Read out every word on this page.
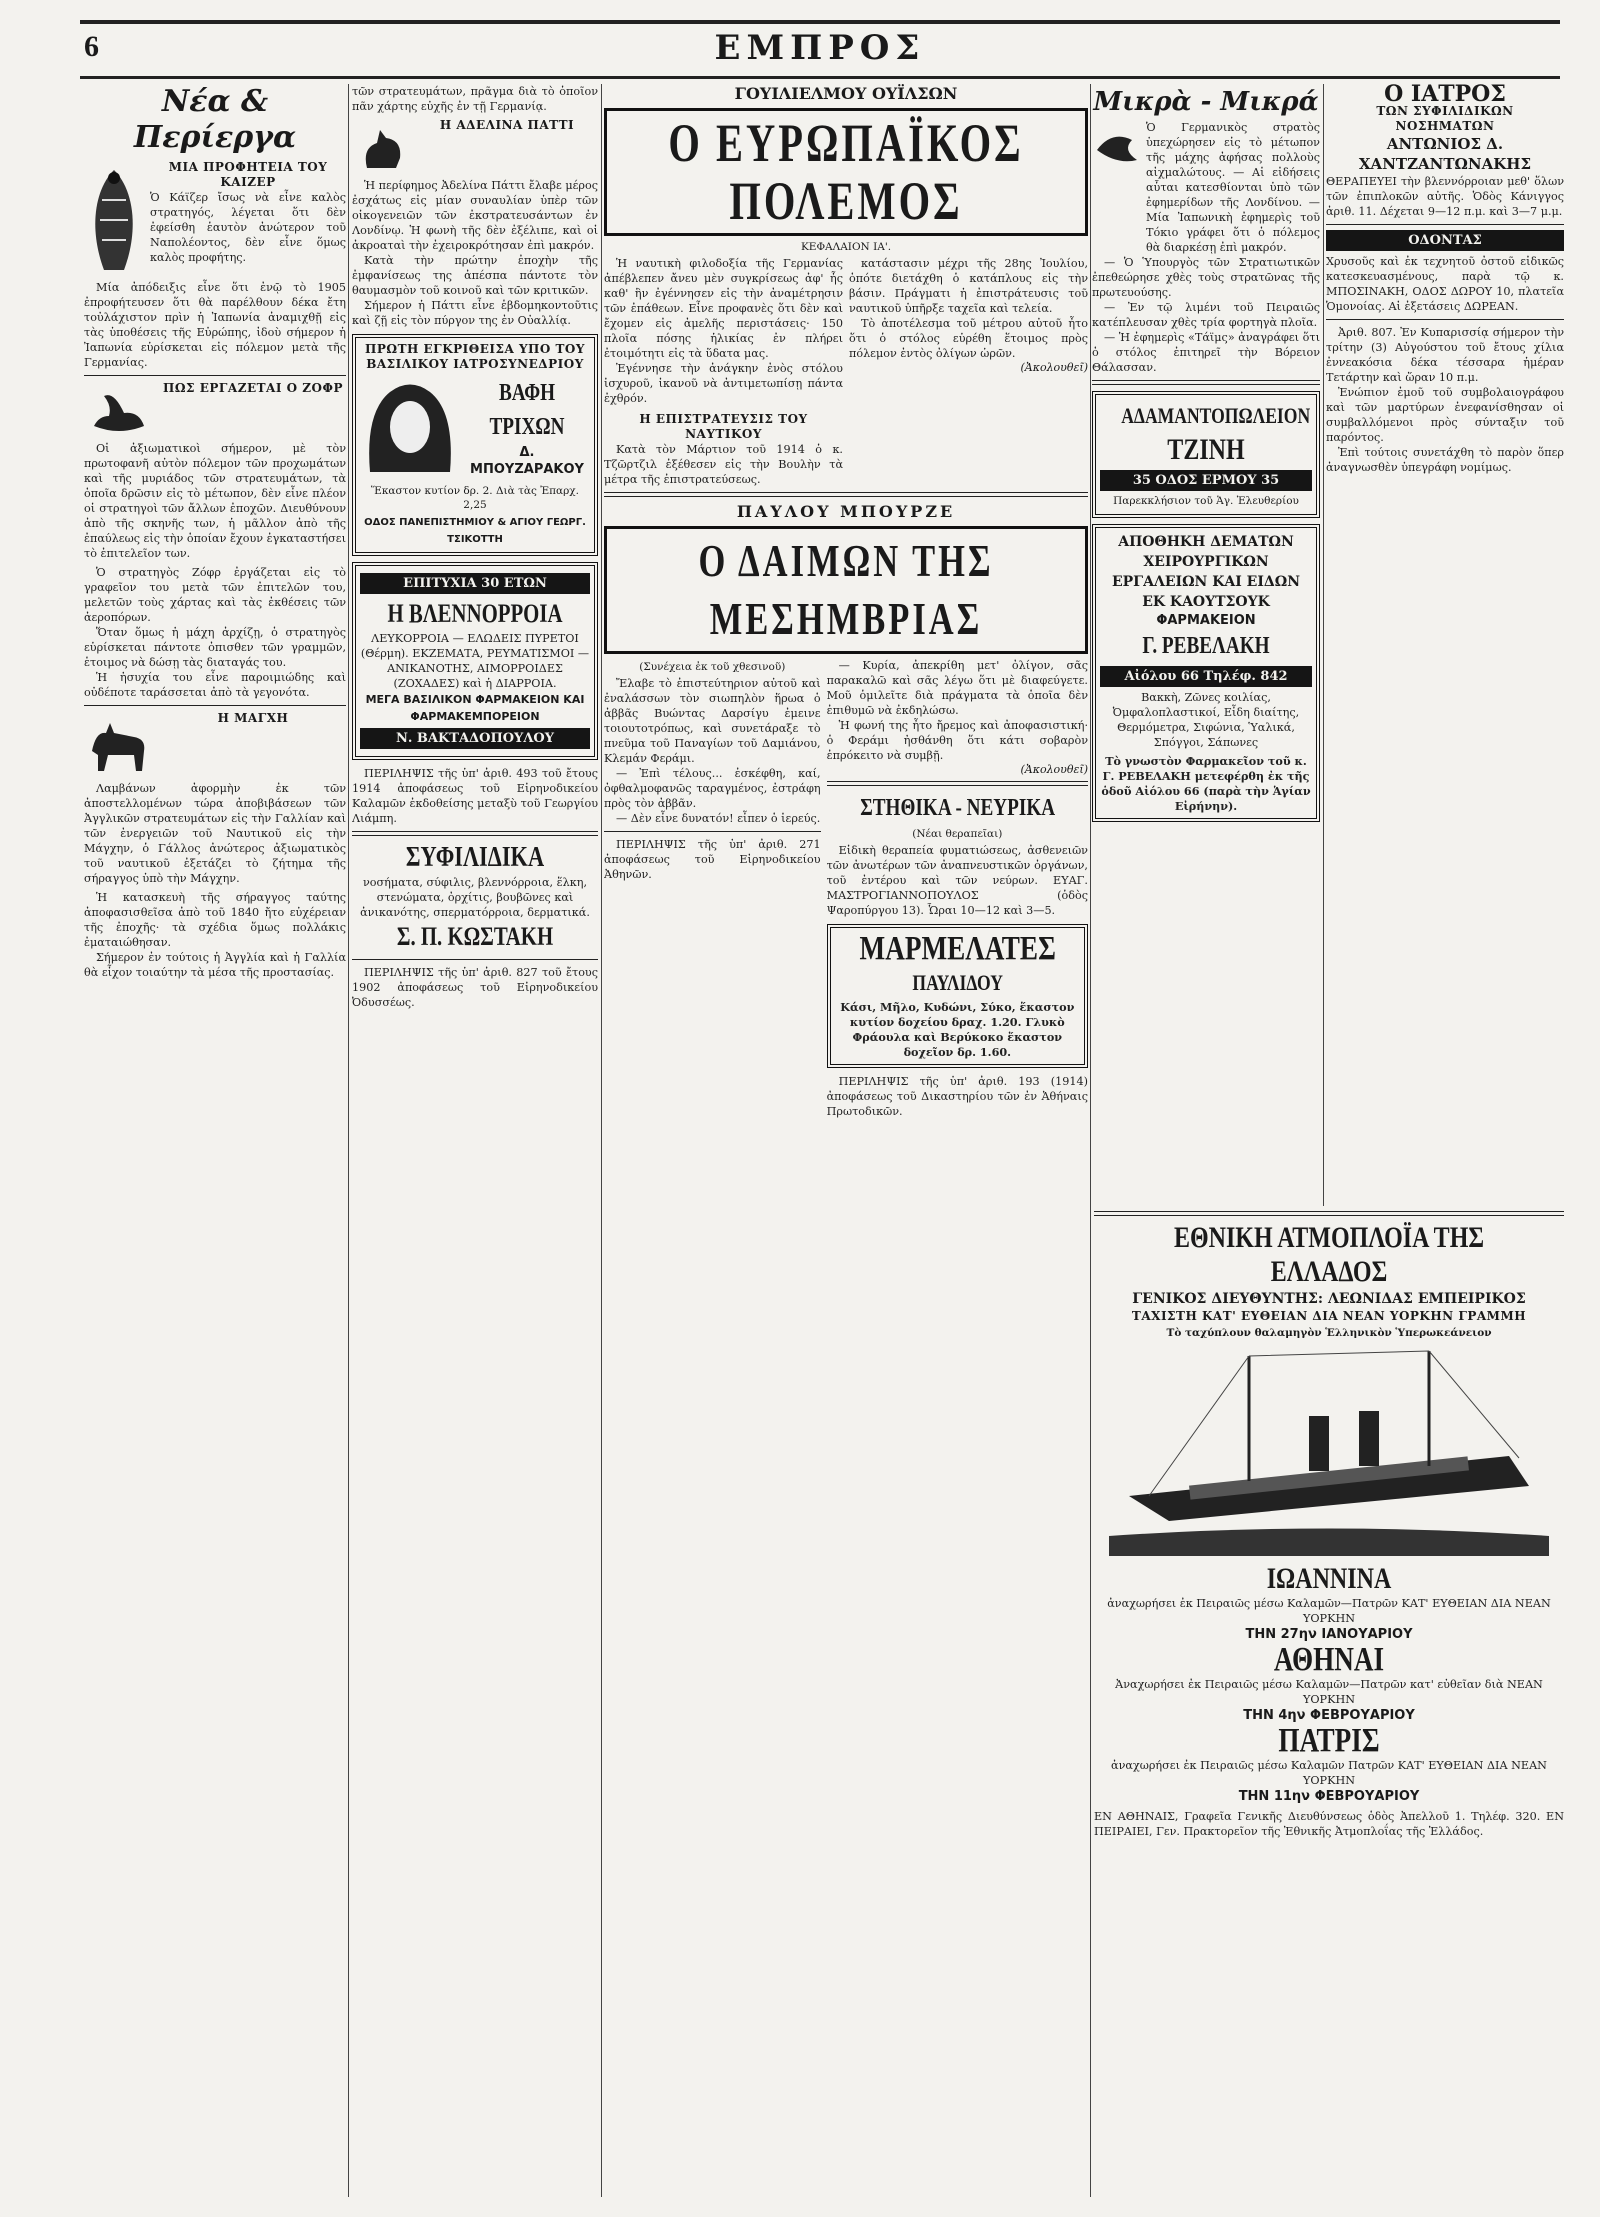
6	ΕΜΠΡΟΣ
Νέα & Περίεργα
ΜΙΑ ΠΡΟΦΗΤΕΙΑ ΤΟΥ ΚΑΙΖΕΡ
Ὁ Κάϊζερ ἴσως νὰ εἶνε καλὸς στρατηγός, λέγεται ὅτι δὲν ἐφείσθη ἑαυτὸν ἀνώτερον τοῦ Ναπολέοντος, δὲν εἶνε ὅμως καλὸς προφήτης.

Μία ἀπόδειξις εἶνε ὅτι ἐνῷ τὸ 1905 ἐπροφήτευσεν ὅτι θὰ παρέλθουν δέκα ἔτη τοὐλάχιστον πρὶν ἡ Ἰαπωνία ἀναμιχθῇ εἰς τὰς ὑποθέσεις τῆς Εὐρώπης, ἰδοὺ σήμερον ἡ Ἰαπωνία εὑρίσκεται εἰς πόλεμον μετὰ τῆς Γερμανίας.

ΠΩΣ ΕΡΓΑΖΕΤΑΙ Ο ΖΟΦΡ

Οἱ ἀξιωματικοὶ σήμερον, μὲ τὸν πρωτοφανῆ αὐτὸν πόλεμον τῶν προχωμάτων καὶ τῆς μυριάδος τῶν στρατευμάτων, τὰ ὁποῖα δρῶσιν εἰς τὸ μέτωπον, δὲν εἶνε πλέον οἱ στρατηγοὶ τῶν ἄλλων ἐποχῶν. Διευθύνουν ἀπὸ τῆς σκηνῆς των, ἡ μᾶλλον ἀπὸ τῆς ἐπαύλεως εἰς τὴν ὁποίαν ἔχουν ἐγκαταστήσει τὸ ἐπιτελεῖον των.

Ὁ στρατηγὸς Ζόφρ ἐργάζεται εἰς τὸ γραφεῖον του μετὰ τῶν ἐπιτελῶν του, μελετῶν τοὺς χάρτας καὶ τὰς ἐκθέσεις τῶν ἀεροπόρων.

Ὅταν ὅμως ἡ μάχη ἀρχίζῃ, ὁ στρατηγὸς εὑρίσκεται πάντοτε ὀπισθεν τῶν γραμμῶν, ἑτοιμος νὰ δώσῃ τὰς διαταγάς του.

Ἡ ἡσυχία του εἶνε παροιμιώδης καὶ οὐδέποτε ταράσσεται ἀπὸ τὰ γεγονότα.

Η ΜΑΓΧΗ

Λαμβάνων ἀφορμὴν ἐκ τῶν ἀποστελλομένων τώρα ἀποβιβάσεων τῶν Ἀγγλικῶν στρατευμάτων εἰς τὴν Γαλλίαν καὶ τῶν ἐνεργειῶν τοῦ Ναυτικοῦ εἰς τὴν Μάγχην, ὁ Γάλλος ἀνώτερος ἀξιωματικὸς τοῦ ναυτικοῦ ἐξετάζει τὸ ζήτημα τῆς σήραγγος ὑπὸ τὴν Μάγχην.

Ἡ κατασκευὴ τῆς σήραγγος ταύτης ἀποφασισθεῖσα ἀπὸ τοῦ 1840 ἤτο εὐχέρειαν τῆς ἐποχῆς· τὰ σχέδια ὅμως πολλάκις ἐματαιώθησαν.

Σήμερον ἐν τούτοις ἡ Ἀγγλία καὶ ἡ Γαλλία θὰ εἶχον τοιαύτην τὰ μέσα τῆς προστασίας.

τῶν στρατευμάτων, πρᾶγμα διὰ τὸ ὁποῖον πᾶν χάρτης εὐχῆς ἐν τῇ Γερμανίᾳ.
Η ΑΔΕΛΙΝΑ ΠΑΤΤΙ

Ἡ περίφημος Ἀδελίνα Πάττι ἔλαβε μέρος ἐσχάτως εἰς μίαν συναυλίαν ὑπὲρ τῶν οἰκογενειῶν τῶν ἐκστρατευσάντων ἐν Λονδίνῳ. Ἡ φωνὴ τῆς δὲν ἐξέλιπε, καὶ οἱ ἀκροαταὶ τὴν ἐχειροκρότησαν ἐπὶ μακρόν.

Κατὰ τὴν πρώτην ἐποχὴν τῆς ἐμφανίσεως της ἀπέσπα πάντοτε τὸν θαυμασμὸν τοῦ κοινοῦ καὶ τῶν κριτικῶν.

Σήμερον ἡ Πάττι εἶνε ἑβδομηκοντοῦτις καὶ ζῇ εἰς τὸν πύργον της ἐν Οὐαλλίᾳ.

ΠΡΩΤΗ ΕΓΚΡΙΘΕΙΣΑ ΥΠΟ ΤΟΥ ΒΑΣΙΛΙΚΟΥ ΙΑΤΡΟΣΥΝΕΔΡΙΟΥ
ΒΑΦΗ ΤΡΙΧΩΝ
Δ. ΜΠΟΥΖΑΡΑΚΟΥ
Ἕκαστον κυτίον δρ. 2. Διὰ τὰς Ἐπαρχ. 2,25
ΟΔΟΣ ΠΑΝΕΠΙΣΤΗΜΙΟΥ & ΑΓΙΟΥ ΓΕΩΡΓ. ΤΣΙΚΟΤΤΗ
ΕΠΙΤΥΧΙΑ 30 ΕΤΩΝ
Η ΒΛΕΝΝΟΡΡΟΙΑ
ΛΕΥΚΟΡΡΟΙΑ — ΕΛΩΔΕΙΣ ΠΥΡΕΤΟΙ (Θέρμη). ΕΚΖΕΜΑΤΑ, ΡΕΥΜΑΤΙΣΜΟΙ — ΑΝΙΚΑΝΟΤΗΣ, ΑΙΜΟΡΡΟΙΔΕΣ (ΖΟΧΑΔΕΣ) καὶ ἡ ΔΙΑΡΡΟΙΑ.
ΜΕΓΑ ΒΑΣΙΛΙΚΟΝ ΦΑΡΜΑΚΕΙΟΝ ΚΑΙ ΦΑΡΜΑΚΕΜΠΟΡΕΙΟΝ
Ν. ΒΑΚΤΑΔΟΠΟΥΛΟΥ

ΠΕΡΙΛΗΨΙΣ τῆς ὑπ' ἀριθ. 493 τοῦ ἔτους 1914 ἀποφάσεως τοῦ Εἰρηνοδικείου Καλαμῶν ἐκδοθείσης μεταξὺ τοῦ Γεωργίου Λιάμπη.

ΣΥΦΙΛΙΔΙΚΑ
νοσήματα, σύφιλις, βλεννόρροια, ἕλκη, στενώματα, ὀρχίτις, βουβῶνες καὶ ἀνικανότης, σπερματόρροια, δερματικά.
Σ. Π. ΚΩΣΤΑΚΗ

ΠΕΡΙΛΗΨΙΣ τῆς ὑπ' ἀριθ. 827 τοῦ ἔτους 1902 ἀποφάσεως τοῦ Εἰρηνοδικείου Ὀδυσσέως.

ΓΟΥΙΛΙΕΛΜΟΥ ΟΥΪΛΣΩΝ
Ο ΕΥΡΩΠΑΪΚΟΣ ΠΟΛΕΜΟΣ
ΚΕΦΑΛΑΙΟΝ ΙΑ'.

Ἡ ναυτικὴ φιλοδοξία τῆς Γερμανίας ἀπέβλεπεν ἄνευ μὲν συγκρίσεως ἀφ' ἧς καθ' ἣν ἐγέννησεν εἰς τὴν ἀναμέτρησιν τῶν ἐπάθεων. Εἶνε προφανὲς ὅτι δὲν καὶ ἔχομεν εἰς ἀμελῆς περιστάσεις· 150 πλοῖα πόσης ἡλικίας ἐν πλήρει ἐτοιμότητι εἰς τὰ ὕδατα μας.

Ἐγέννησε τὴν ἀνάγκην ἐνὸς στόλου ἰσχυροῦ, ἱκανοῦ νὰ ἀντιμετωπίσῃ πάντα ἐχθρόν.

Η ΕΠΙΣΤΡΑΤΕΥΣΙΣ ΤΟΥ ΝΑΥΤΙΚΟΥ

Κατὰ τὸν Μάρτιον τοῦ 1914 ὁ κ. Τζῶρτζιλ ἐξέθεσεν εἰς τὴν Βουλὴν τὰ μέτρα τῆς ἐπιστρατεύσεως.

κατάστασιν μέχρι τῆς 28ης Ἰουλίου, ὁπότε διετάχθη ὁ κατάπλους εἰς τὴν βάσιν. Πράγματι ἡ ἐπιστράτευσις τοῦ ναυτικοῦ ὑπῆρξε ταχεῖα καὶ τελεία.

Τὸ ἀποτέλεσμα τοῦ μέτρου αὐτοῦ ἦτο ὅτι ὁ στόλος εὑρέθη ἕτοιμος πρὸς πόλεμον ἐντὸς ὀλίγων ὡρῶν.

(Ἀκολουθεῖ)
ΠΑΥΛΟΥ ΜΠΟΥΡΖΕ
Ο ΔΑΙΜΩΝ ΤΗΣ ΜΕΣΗΜΒΡΙΑΣ
(Συνέχεια ἐκ τοῦ χθεσινοῦ)

Ἔλαβε τὸ ἐπιστεύτηριον αὐτοῦ καὶ ἐναλάσσων τὸν σιωπηλὸν ἥρωα ὁ ἀββᾶς Βυώντας Δαρσίγυ ἐμεινε τοιουτοτρόπως, καὶ συνετάραξε τὸ πνεῦμα τοῦ Παναγίων τοῦ Δαμιάνου, Κλεμάν Φεράμι.

— Ἐπὶ τέλους... ἐσκέφθη, καί, ὀφθαλμοφανῶς ταραγμένος, ἐστράφη πρὸς τὸν ἀββᾶν.

— Δὲν εἶνε δυνατόν! εἶπεν ὁ ἱερεύς.

ΠΕΡΙΛΗΨΙΣ τῆς ὑπ' ἀριθ. 271 ἀποφάσεως τοῦ Εἰρηνοδικείου Ἀθηνῶν.

— Κυρία, ἀπεκρίθη μετ' ὀλίγον, σᾶς παρακαλῶ καὶ σᾶς λέγω ὅτι μὲ διαφεύγετε. Μοῦ ὁμιλεῖτε διὰ πράγματα τὰ ὁποῖα δὲν ἐπιθυμῶ νὰ ἐκδηλώσω.

Ἡ φωνή της ἦτο ἤρεμος καὶ ἀποφασιστική· ὁ Φεράμι ἠσθάνθη ὅτι κάτι σοβαρὸν ἐπρόκειτο νὰ συμβῇ.

(Ἀκολουθεῖ)
ΣΤΗΘΙΚΑ - ΝΕΥΡΙΚΑ
(Νέαι θεραπεῖαι)

Εἰδικὴ θεραπεία φυματιώσεως, ἀσθενειῶν τῶν ἀνωτέρων τῶν ἀναπνευστικῶν ὀργάνων, τοῦ ἐντέρου καὶ τῶν νεύρων. ΕΥΑΓ. ΜΑΣΤΡΟΓΙΑΝΝΟΠΟΥΛΟΣ (ὁδὸς Ψαροπύργου 13). Ὧραι 10—12 καὶ 3—5.

ΜΑΡΜΕΛΑΤΕΣ
ΠΑΥΛΙΔΟΥ
Κάσι, Μῆλο, Κυδώνι, Σύκο, ἕκαστον κυτίον δοχείου δραχ. 1.20. Γλυκὸ Φράουλα καὶ Βερύκοκο ἕκαστον δοχεῖον δρ. 1.60.

ΠΕΡΙΛΗΨΙΣ τῆς ὑπ' ἀριθ. 193 (1914) ἀποφάσεως τοῦ Δικαστηρίου τῶν ἐν Ἀθήναις Πρωτοδικῶν.

Μικρὰ - Μικρά
Ὁ Γερμανικὸς στρατὸς ὑπεχώρησεν εἰς τὸ μέτωπον τῆς μάχης ἀφήσας πολλοὺς αἰχμαλώτους. — Αἱ εἰδήσεις αὗται κατεσθίονται ὑπὸ τῶν ἐφημερίδων τῆς Λονδίνου. — Μία Ἰαπωνικὴ ἐφημερὶς τοῦ Τόκιο γράφει ὅτι ὁ πόλεμος θὰ διαρκέσῃ ἐπὶ μακρόν.

— Ὁ Ὑπουργὸς τῶν Στρατιωτικῶν ἐπεθεώρησε χθὲς τοὺς στρατῶνας τῆς πρωτευούσης.

— Ἐν τῷ λιμένι τοῦ Πειραιῶς κατέπλευσαν χθὲς τρία φορτηγὰ πλοῖα.

— Ἡ ἐφημερὶς «Τάϊμς» ἀναγράφει ὅτι ὁ στόλος ἐπιτηρεῖ τὴν Βόρειον Θάλασσαν.

ΑΔΑΜΑΝΤΟΠΩΛΕΙΟΝ
ΤΖΙΝΗ
35 ΟΔΟΣ ΕΡΜΟΥ 35
Παρεκκλήσιον τοῦ Ἁγ. Ἐλευθερίου
ΑΠΟΘΗΚΗ ΔΕΜΑΤΩΝ ΧΕΙΡΟΥΡΓΙΚΩΝ ΕΡΓΑΛΕΙΩΝ ΚΑΙ ΕΙΔΩΝ ΕΚ ΚΑΟΥΤΣΟΥΚ
ΦΑΡΜΑΚΕΙΟΝ
Γ. ΡΕΒΕΛΑΚΗ
Αἰόλου 66 Τηλέφ. 842
Βακκὴ, Ζῶνες κοιλίας, Ὀμφαλοπλαστικοί, Εἶδη διαίτης, Θερμόμετρα, Σιφώνια, Ὑαλικά, Σπόγγοι, Σάπωνες
Τὸ γνωστὸν Φαρμακεῖον τοῦ κ. Γ. ΡΕΒΕΛΑΚΗ μετεφέρθη ἐκ τῆς ὁδοῦ Αἰόλου 66 (παρὰ τὴν Ἁγίαν Εἰρήνην).
Ο ΙΑΤΡΟΣ
ΤΩΝ ΣΥΦΙΛΙΔΙΚΩΝ ΝΟΣΗΜΑΤΩΝ
ΑΝΤΩΝΙΟΣ Δ. ΧΑΝΤΖΑΝΤΩΝΑΚΗΣ
ΘΕΡΑΠΕΥΕΙ τὴν βλεννόρροιαν μεθ' ὅλων τῶν ἐπιπλοκῶν αὐτῆς. Ὁδὸς Κάνιγγος ἀριθ. 11. Δέχεται 9—12 π.μ. καὶ 3—7 μ.μ.
ΟΔΟΝΤΑΣ
Χρυσοῦς καὶ ἐκ τεχνητοῦ ὀστοῦ εἰδικῶς κατεσκευασμένους, παρὰ τῷ κ. ΜΠΟΣΙΝΑΚΗ, ΟΔΟΣ ΔΩΡΟΥ 10, πλατεῖα Ὁμονοίας. Αἱ ἐξετάσεις ΔΩΡΕΑΝ.

Ἀριθ. 807. Ἐν Κυπαρισσίᾳ σήμερον τὴν τρίτην (3) Αὐγούστου τοῦ ἔτους χίλια ἐννεακόσια δέκα τέσσαρα ἡμέραν Τετάρτην καὶ ὥραν 10 π.μ.

Ἐνώπιον ἐμοῦ τοῦ συμβολαιογράφου καὶ τῶν μαρτύρων ἐνεφανίσθησαν οἱ συμβαλλόμενοι πρὸς σύνταξιν τοῦ παρόντος.

Ἐπὶ τούτοις συνετάχθη τὸ παρὸν ὅπερ ἀναγνωσθὲν ὑπεγράφη νομίμως.

ΕΘΝΙΚΗ ΑΤΜΟΠΛΟΪΑ ΤΗΣ ΕΛΛΑΔΟΣ
ΓΕΝΙΚΟΣ ΔΙΕΥΘΥΝΤΗΣ: ΛΕΩΝΙΔΑΣ ΕΜΠΕΙΡΙΚΟΣ
ΤΑΧΙΣΤΗ ΚΑΤ' ΕΥΘΕΙΑΝ ΔΙΑ ΝΕΑΝ ΥΟΡΚΗΝ ΓΡΑΜΜΗ
Τὸ ταχύπλουν θαλαμηγὸν Ἑλληνικὸν Ὑπερωκεάνειον
ΙΩΑΝΝΙΝΑ
ἀναχωρήσει ἐκ Πειραιῶς μέσω Καλαμῶν—Πατρῶν ΚΑΤ' ΕΥΘΕΙΑΝ ΔΙΑ ΝΕΑΝ ΥΟΡΚΗΝ
ΤΗΝ 27ην ΙΑΝΟΥΑΡΙΟΥ
ΑΘΗΝΑΙ
Ἀναχωρήσει ἐκ Πειραιῶς μέσω Καλαμῶν—Πατρῶν κατ' εὐθεῖαν διὰ ΝΕΑΝ ΥΟΡΚΗΝ
ΤΗΝ 4ην ΦΕΒΡΟΥΑΡΙΟΥ
ΠΑΤΡΙΣ
ἀναχωρήσει ἐκ Πειραιῶς μέσω Καλαμῶν Πατρῶν ΚΑΤ' ΕΥΘΕΙΑΝ ΔΙΑ ΝΕΑΝ ΥΟΡΚΗΝ
ΤΗΝ 11ην ΦΕΒΡΟΥΑΡΙΟΥ
ΕΝ ΑΘΗΝΑΙΣ, Γραφεῖα Γενικῆς Διευθύνσεως ὁδὸς Ἀπελλοῦ 1. Τηλέφ. 320. ΕΝ ΠΕΙΡΑΙΕΙ, Γεν. Πρακτορεῖον τῆς Ἐθνικῆς Ἀτμοπλοΐας τῆς Ἑλλάδος.
